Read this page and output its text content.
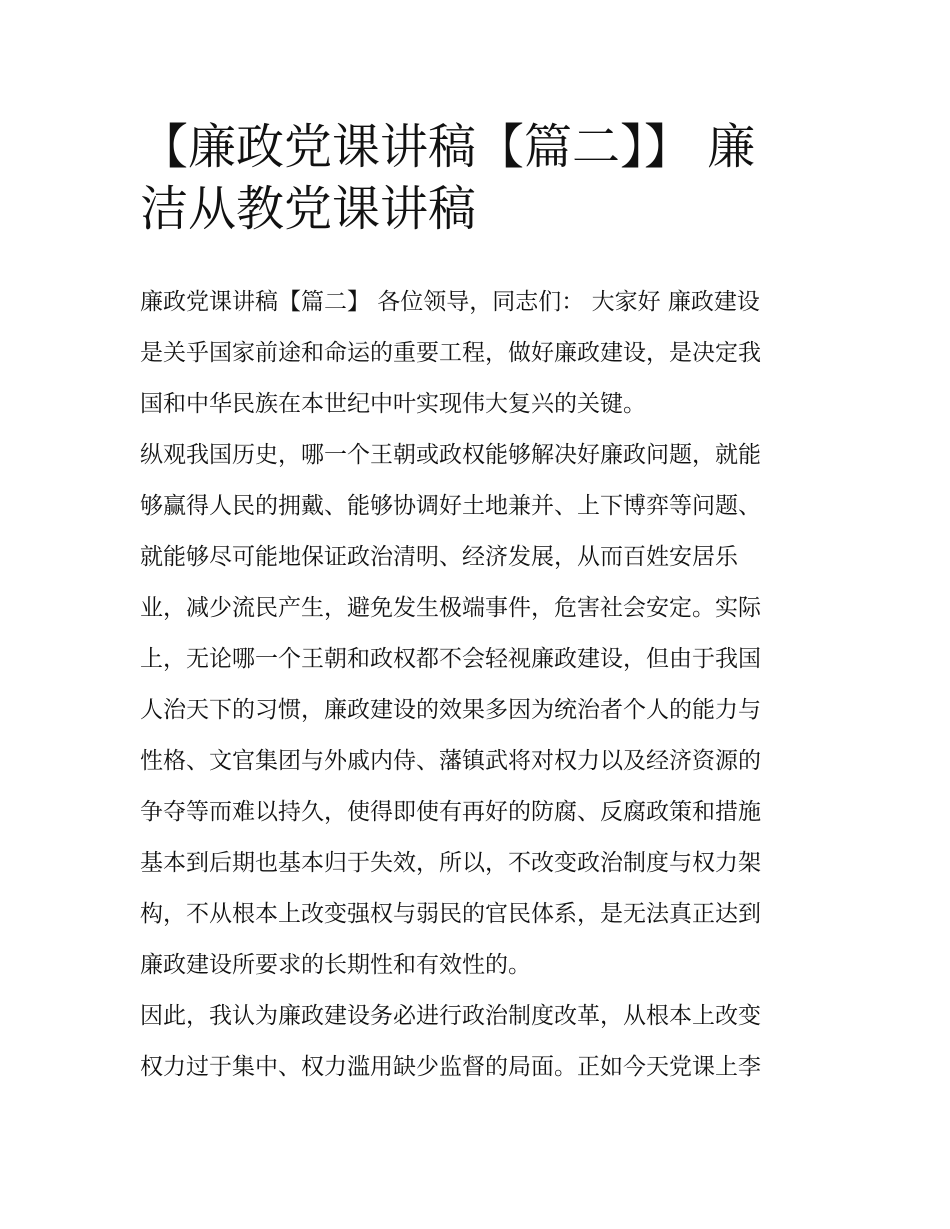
【廉政党课讲稿【篇二】】 廉
洁从教党课讲稿
廉政党课讲稿【篇二】 各位领导，同志们： 大家好 廉政建设
是关乎国家前途和命运的重要工程，做好廉政建设，是决定我
国和中华民族在本世纪中叶实现伟大复兴的关键。
纵观我国历史，哪一个王朝或政权能够解决好廉政问题，就能
够赢得人民的拥戴、能够协调好土地兼并、上下博弈等问题、
就能够尽可能地保证政治清明、经济发展，从而百姓安居乐
业，减少流民产生，避免发生极端事件，危害社会安定。实际
上，无论哪一个王朝和政权都不会轻视廉政建设，但由于我国
人治天下的习惯，廉政建设的效果多因为统治者个人的能力与
性格、文官集团与外戚内侍、藩镇武将对权力以及经济资源的
争夺等而难以持久，使得即使有再好的防腐、反腐政策和措施
基本到后期也基本归于失效，所以，不改变政治制度与权力架
构，不从根本上改变强权与弱民的官民体系，是无法真正达到
廉政建设所要求的长期性和有效性的。
因此，我认为廉政建设务必进行政治制度改革，从根本上改变
权力过于集中、权力滥用缺少监督的局面。正如今天党课上李
